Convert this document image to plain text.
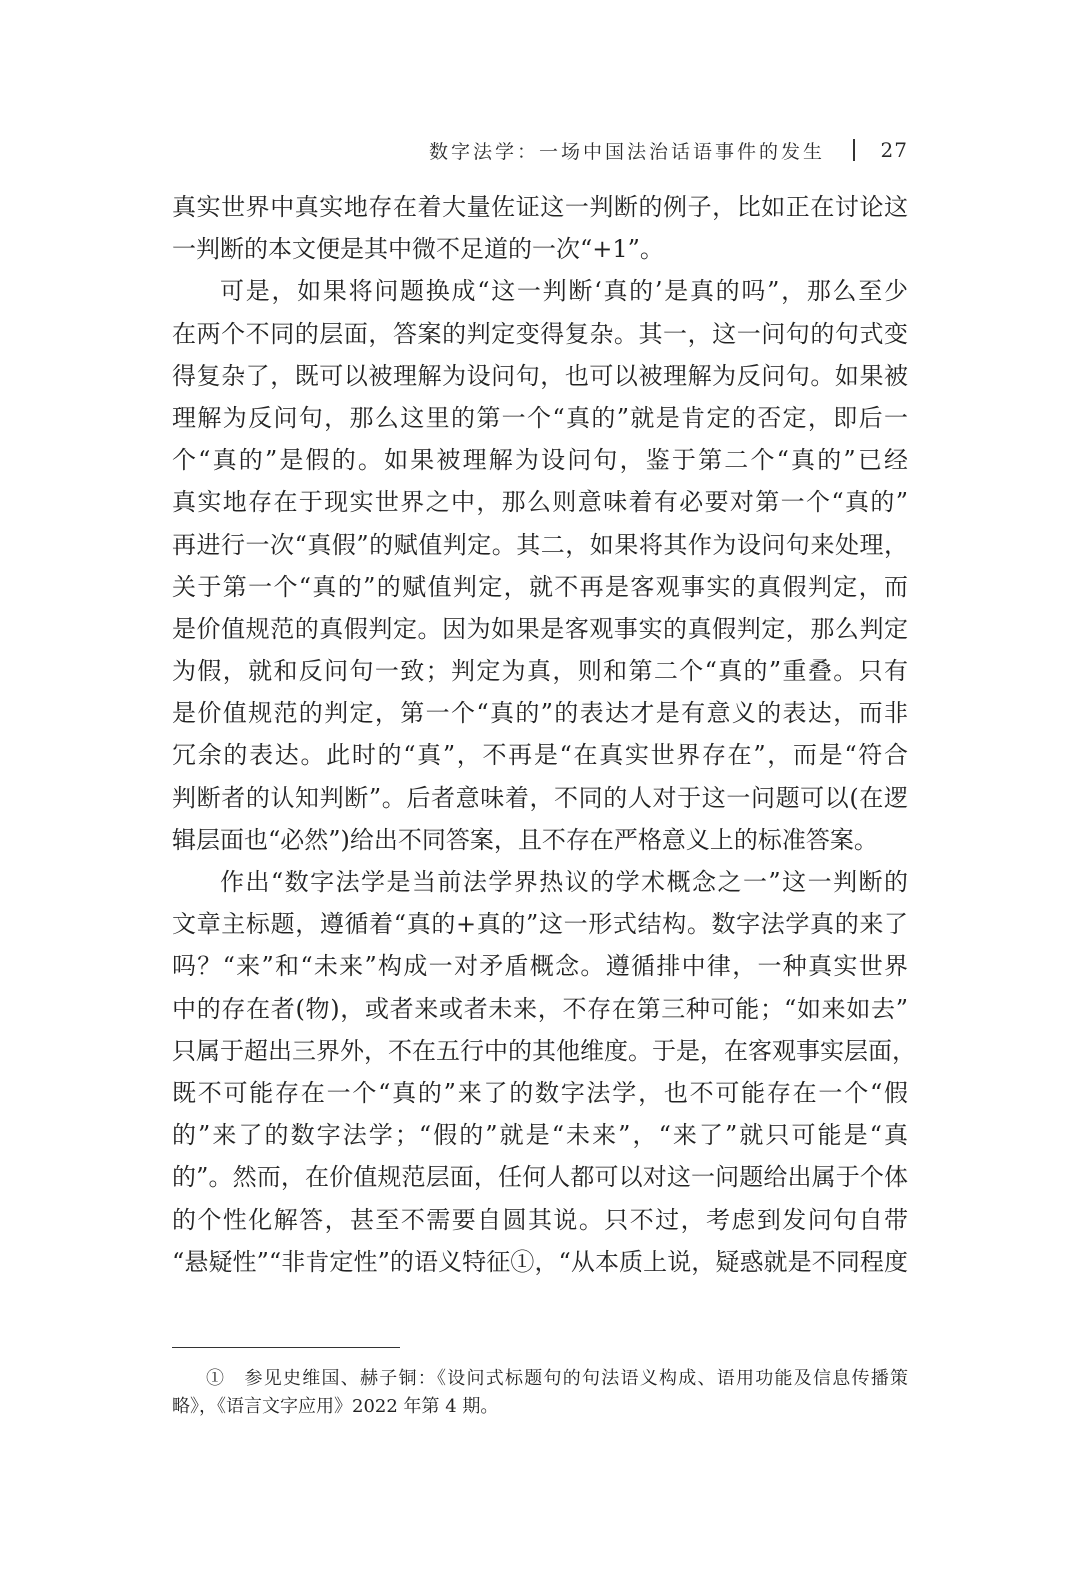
数字法学：一场中国法治话语事件的发生	27
真实世界中真实地存在着大量佐证这一判断的例子，比如正在讨论这
一判断的本文便是其中微不足道的一次“+1”。
可是，如果将问题换成“这一判断‘真的’是真的吗”，那么至少
在两个不同的层面，答案的判定变得复杂。其一，这一问句的句式变
得复杂了，既可以被理解为设问句，也可以被理解为反问句。如果被
理解为反问句，那么这里的第一个“真的”就是肯定的否定，即后一
个“真的”是假的。如果被理解为设问句，鉴于第二个“真的”已经
真实地存在于现实世界之中，那么则意味着有必要对第一个“真的”
再进行一次“真假”的赋值判定。其二，如果将其作为设问句来处理，
关于第一个“真的”的赋值判定，就不再是客观事实的真假判定，而
是价值规范的真假判定。因为如果是客观事实的真假判定，那么判定
为假，就和反问句一致；判定为真，则和第二个“真的”重叠。只有
是价值规范的判定，第一个“真的”的表达才是有意义的表达，而非
冗余的表达。此时的“真”，不再是“在真实世界存在”，而是“符合
判断者的认知判断”。后者意味着，不同的人对于这一问题可以(在逻
辑层面也“必然”)给出不同答案，且不存在严格意义上的标准答案。
作出“数字法学是当前法学界热议的学术概念之一”这一判断的
文章主标题，遵循着“真的+真的”这一形式结构。数字法学真的来了
吗？“来”和“未来”构成一对矛盾概念。遵循排中律，一种真实世界
中的存在者(物)，或者来或者未来，不存在第三种可能；“如来如去”
只属于超出三界外，不在五行中的其他维度。于是，在客观事实层面，
既不可能存在一个“真的”来了的数字法学，也不可能存在一个“假
的”来了的数字法学；“假的”就是“未来”，“来了”就只可能是“真
的”。然而，在价值规范层面，任何人都可以对这一问题给出属于个体
的个性化解答，甚至不需要自圆其说。只不过，考虑到发问句自带
“悬疑性”“非肯定性”的语义特征①，“从本质上说，疑惑就是不同程度
①　参见史维国、赫子铜：《设问式标题句的句法语义构成、语用功能及信息传播策
略》，《语言文字应用》2022 年第 4 期。
